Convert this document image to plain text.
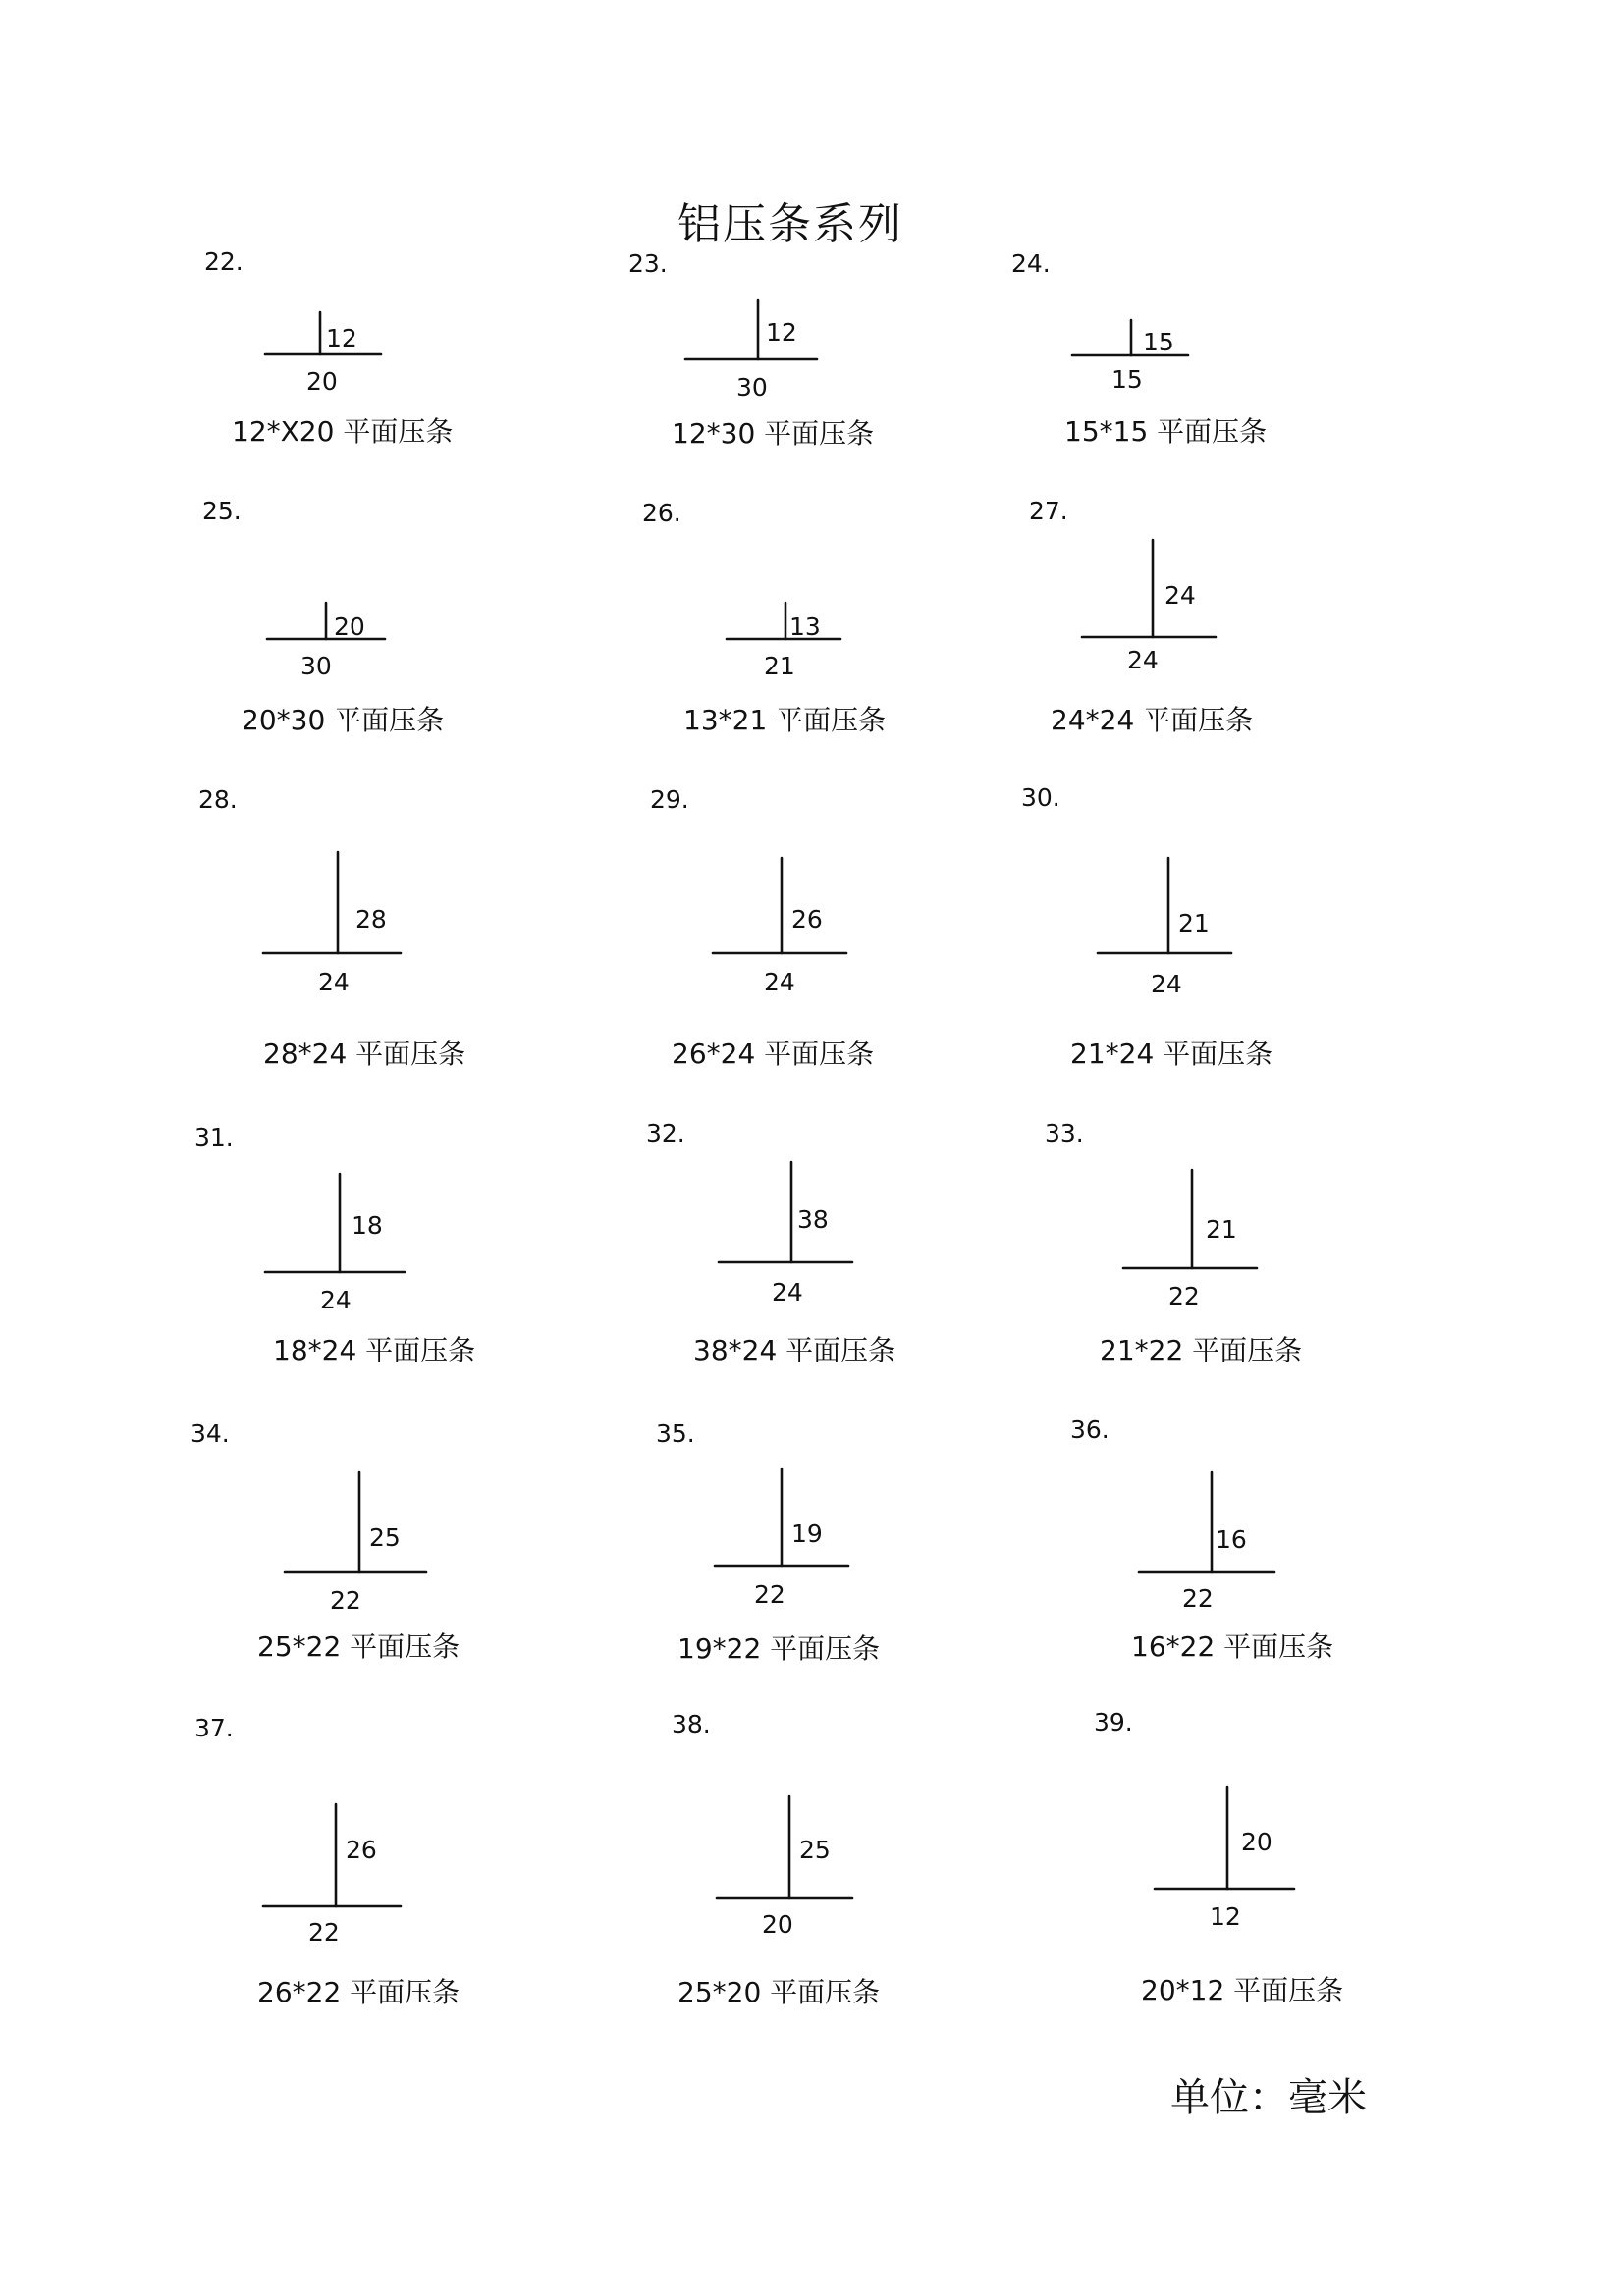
铝压条系列
22.
12
20
12*X20 平面压条
23.
12
30
12*30 平面压条
24.
15
15
15*15 平面压条
25.
20
30
20*30 平面压条
26.
13
21
13*21 平面压条
27.
24
24
24*24 平面压条
28.
28
24
28*24 平面压条
29.
26
24
26*24 平面压条
30.
21
24
21*24 平面压条
31.
18
24
18*24 平面压条
32.
38
24
38*24 平面压条
33.
21
22
21*22 平面压条
34.
25
22
25*22 平面压条
35.
19
22
19*22 平面压条
36.
16
22
16*22 平面压条
37.
26
22
26*22 平面压条
38.
25
20
25*20 平面压条
39.
20
12
20*12 平面压条
单位：毫米
